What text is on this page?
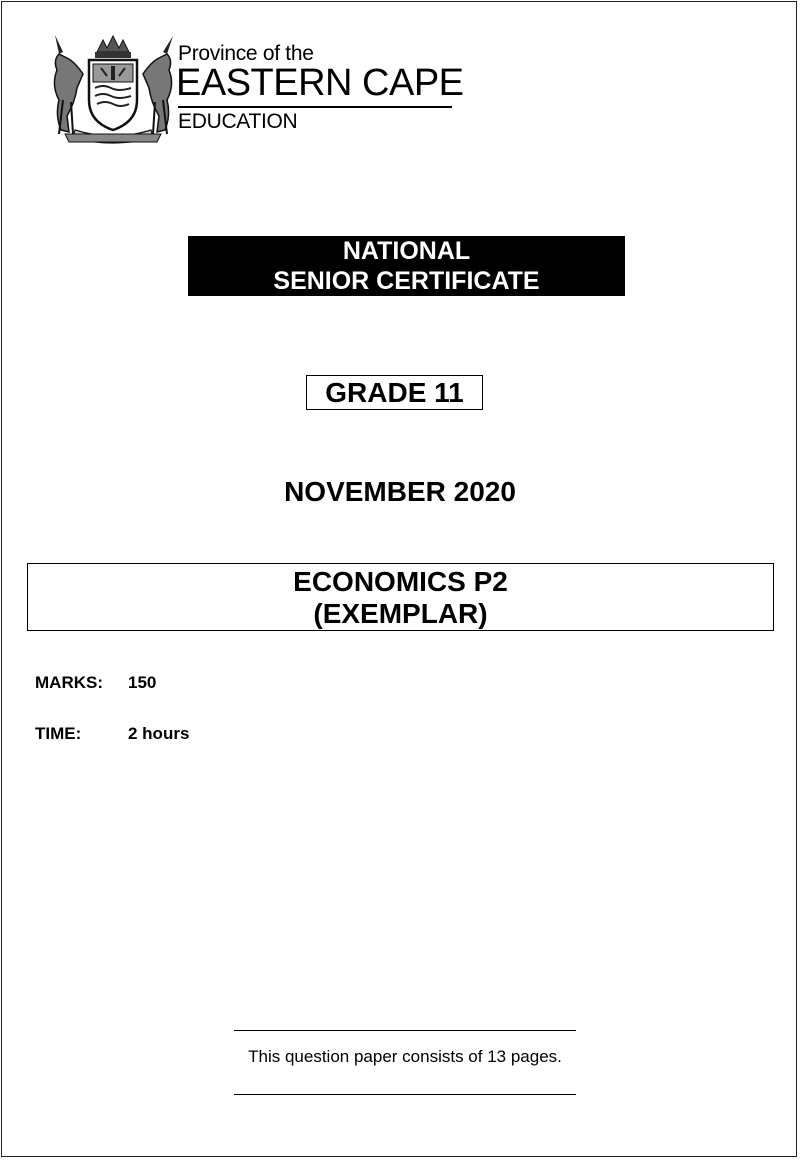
Province of the
EASTERN CAPE
EDUCATION
NATIONAL
SENIOR CERTIFICATE
GRADE 11
NOVEMBER 2020
ECONOMICS P2
(EXEMPLAR)
MARKS: 150
TIME:	2 hours
This question paper consists of 13 pages.
